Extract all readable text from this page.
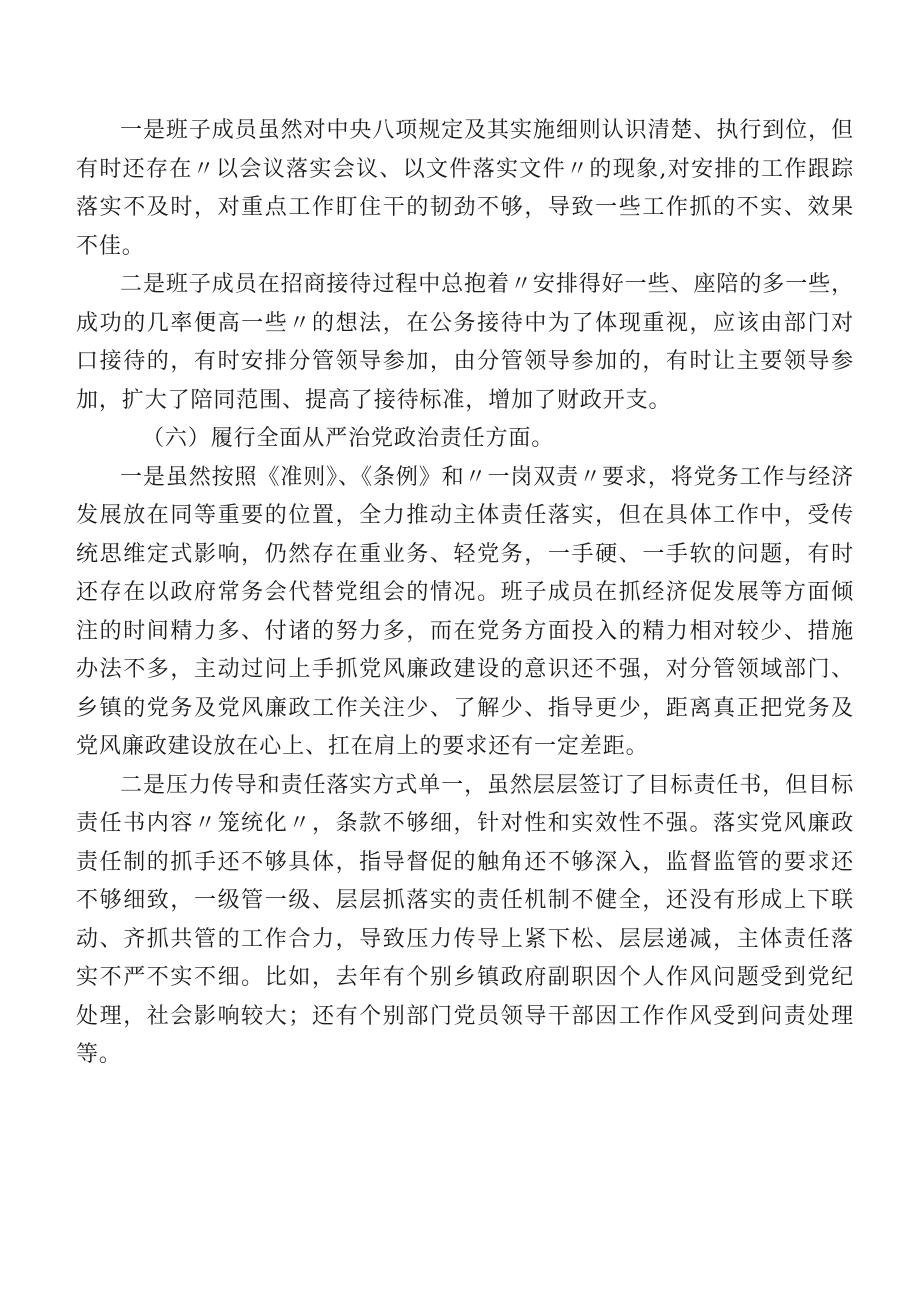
一是班子成员虽然对中央八项规定及其实施细则认识清楚、执行到位，但有时还存在〃以会议落实会议、以文件落实文件〃的现象,对安排的工作跟踪落实不及时，对重点工作盯住干的韧劲不够，导致一些工作抓的不实、效果不佳。

二是班子成员在招商接待过程中总抱着〃安排得好一些、座陪的多一些，成功的几率便高一些〃的想法，在公务接待中为了体现重视，应该由部门对口接待的，有时安排分管领导参加，由分管领导参加的，有时让主要领导参加，扩大了陪同范围、提高了接待标准，增加了财政开支。

（六）履行全面从严治党政治责任方面。

一是虽然按照《准则》、《条例》和〃一岗双责〃要求，将党务工作与经济发展放在同等重要的位置，全力推动主体责任落实，但在具体工作中，受传统思维定式影响，仍然存在重业务、轻党务，一手硬、一手软的问题，有时还存在以政府常务会代替党组会的情况。班子成员在抓经济促发展等方面倾注的时间精力多、付诸的努力多，而在党务方面投入的精力相对较少、措施办法不多，主动过问上手抓党风廉政建设的意识还不强，对分管领域部门、乡镇的党务及党风廉政工作关注少、了解少、指导更少，距离真正把党务及党风廉政建设放在心上、扛在肩上的要求还有一定差距。

二是压力传导和责任落实方式单一，虽然层层签订了目标责任书，但目标责任书内容〃笼统化〃，条款不够细，针对性和实效性不强。落实党风廉政责任制的抓手还不够具体，指导督促的触角还不够深入，监督监管的要求还不够细致，一级管一级、层层抓落实的责任机制不健全，还没有形成上下联动、齐抓共管的工作合力，导致压力传导上紧下松、层层递减，主体责任落实不严不实不细。比如，去年有个别乡镇政府副职因个人作风问题受到党纪处理，社会影响较大；还有个别部门党员领导干部因工作作风受到问责处理等。
